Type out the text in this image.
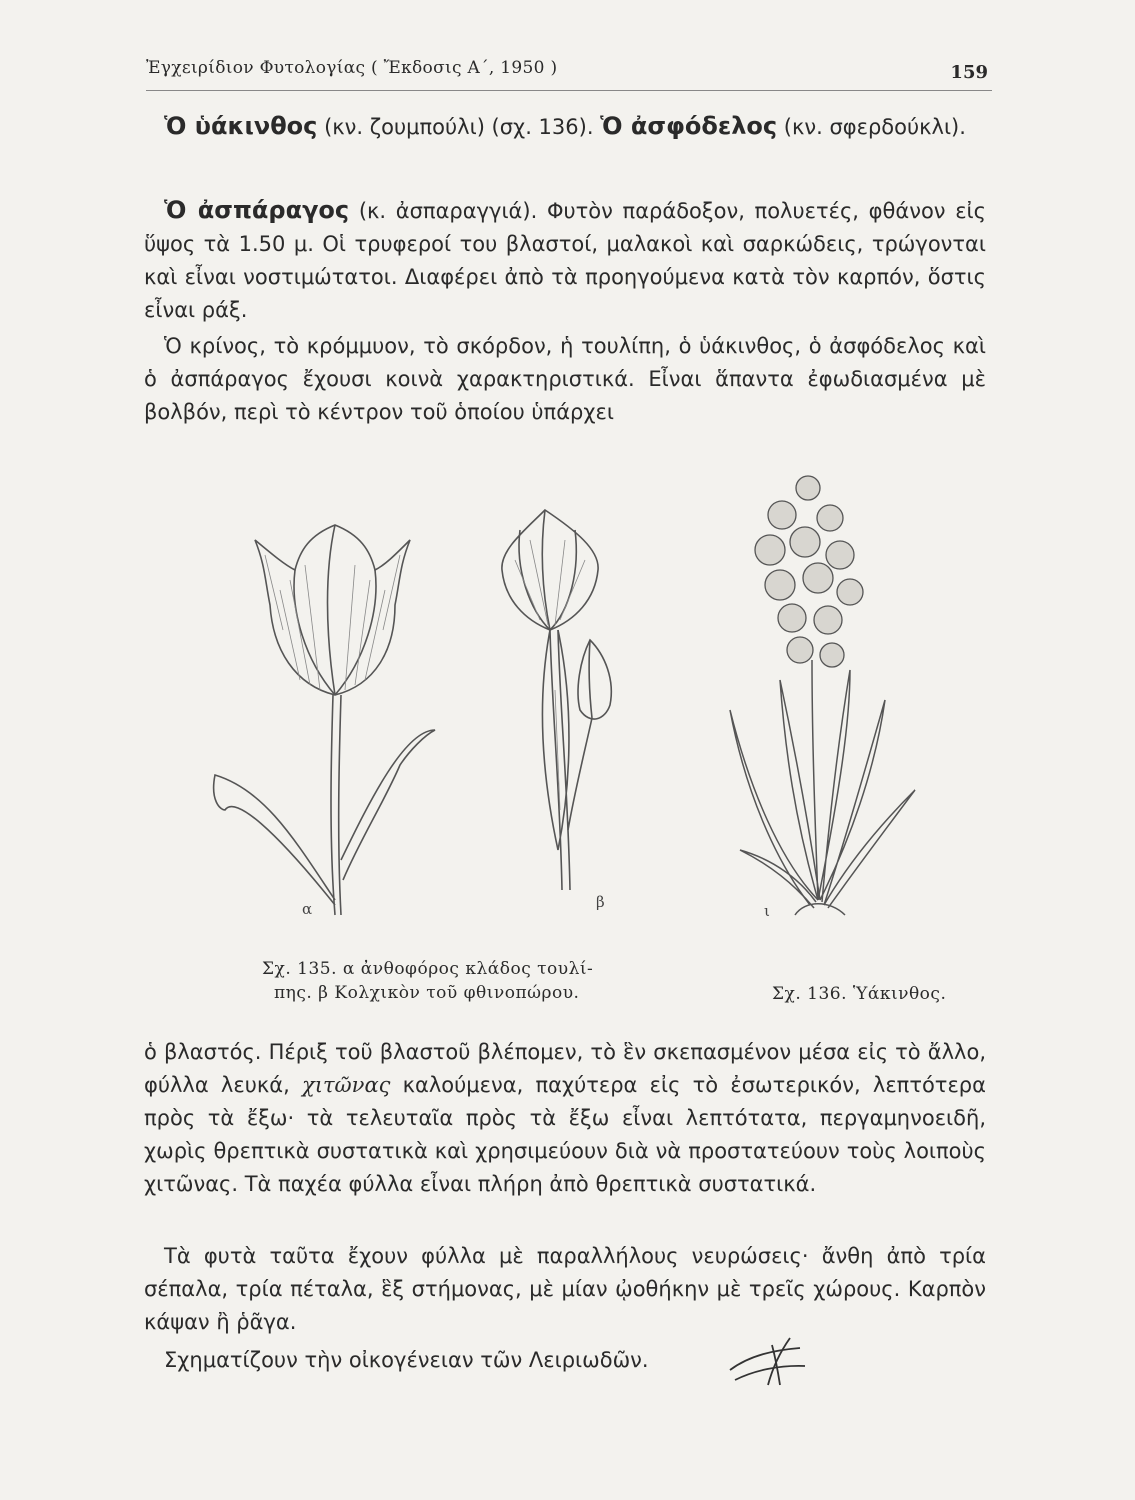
Ἐγχειρίδιον Φυτολογίας ( Ἔκδοσις Α΄, 1950 )	159

Ὁ ὑάκινθος (κν. ζουμπούλι) (σχ. 136). Ὁ ἀσφόδελος (κν. σφερδούκλι).

Ὁ ἀσπάραγος (κ. ἀσπαραγγιά). Φυτὸν παράδοξον, πολυετές, φθάνον εἰς ὕψος τὰ 1.50 μ. Οἱ τρυφεροί του βλαστοί, μαλακοὶ καὶ σαρκώδεις, τρώγονται καὶ εἶναι νοστιμώτατοι. Διαφέρει ἀπὸ τὰ προηγούμενα κατὰ τὸν καρπόν, ὅστις εἶναι ράξ.

Ὁ κρίνος, τὸ κρόμμυον, τὸ σκόρδον, ἡ τουλίπη, ὁ ὑάκινθος, ὁ ἀσφόδελος καὶ ὁ ἀσπάραγος ἔχουσι κοινὰ χαρακτηριστικά. Εἶναι ἅπαντα ἐφωδιασμένα μὲ βολβόν, περὶ τὸ κέντρον τοῦ ὁποίου ὑπάρχει

α	β	ι
Σχ. 135. α ἀνθοφόρος κλάδος τουλί-
πης. β Κολχικὸν τοῦ φθινοπώρου.	Σχ. 136. Ὑάκινθος.

ὁ βλαστός. Πέριξ τοῦ βλαστοῦ βλέπομεν, τὸ ἓν σκεπασμένον μέσα εἰς τὸ ἄλλο, φύλλα λευκά, χιτῶνας καλούμενα, παχύτερα εἰς τὸ ἐσωτερικόν, λεπτότερα πρὸς τὰ ἔξω· τὰ τελευταῖα πρὸς τὰ ἔξω εἶναι λεπτότατα, περγαμηνοειδῆ, χωρὶς θρεπτικὰ συστατικὰ καὶ χρησιμεύουν διὰ νὰ προστατεύουν τοὺς λοιποὺς χιτῶνας. Τὰ παχέα φύλλα εἶναι πλήρη ἀπὸ θρεπτικὰ συστατικά.

Τὰ φυτὰ ταῦτα ἔχουν φύλλα μὲ παραλλήλους νευρώσεις· ἄνθη ἀπὸ τρία σέπαλα, τρία πέταλα, ἓξ στήμονας, μὲ μίαν ᾠοθήκην μὲ τρεῖς χώρους. Καρπὸν κάψαν ἢ ῥᾶγα.

Σχηματίζουν τὴν οἰκογένειαν τῶν Λειριωδῶν.
